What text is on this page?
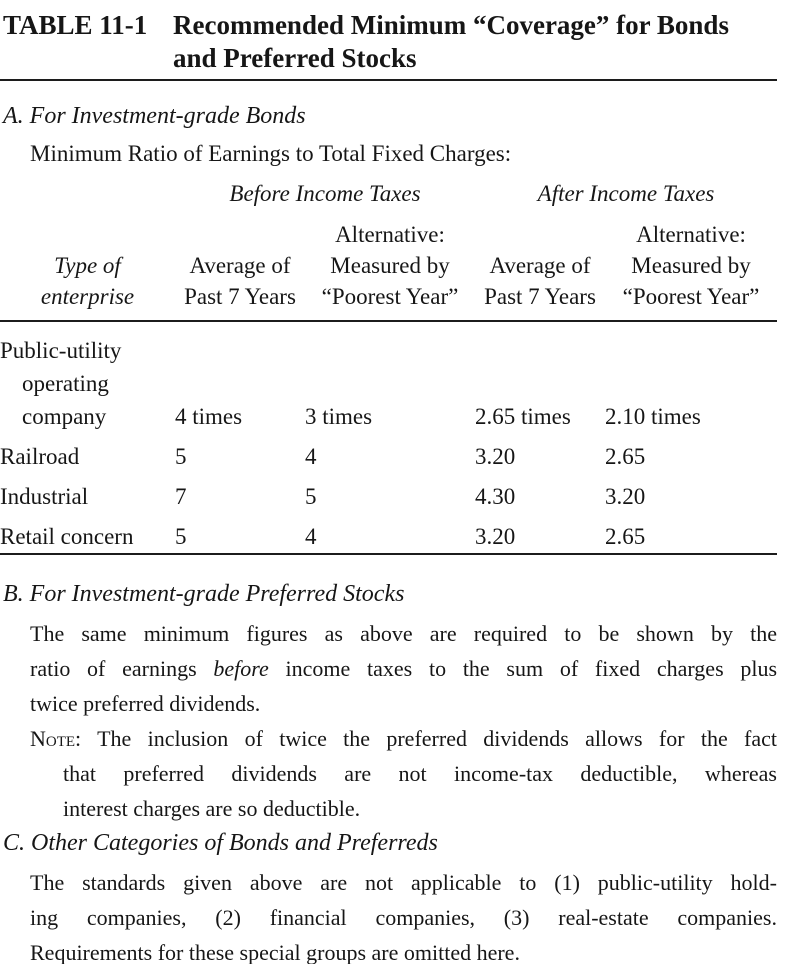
TABLE 11-1 Recommended Minimum “Coverage” for Bonds and Preferred Stocks
A. For Investment-grade Bonds
Minimum Ratio of Earnings to Total Fixed Charges:
	Before Income Taxes		After Income Taxes	

Type of
enterprise	Average of Past 7 Years	Alternative: Measured by “Poorest Year”	Average of Past 7 Years	Alternative: Measured by “Poorest Year”

Public-utility
operating
company	4 times	3 times	2.65 times	2.10 times
Railroad	5	4	3.20	2.65
Industrial	7	5	4.30	3.20
Retail concern	5	4	3.20	2.65
B. For Investment-grade Preferred Stocks
The same minimum figures as above are required to be shown by the
ratio of earnings before income taxes to the sum of fixed charges plus
twice preferred dividends.
Note: The inclusion of twice the preferred dividends allows for the fact
that preferred dividends are not income-tax deductible, whereas
interest charges are so deductible.
C. Other Categories of Bonds and Preferreds
The standards given above are not applicable to (1) public-utility hold-
ing companies, (2) financial companies, (3) real-estate companies.
Requirements for these special groups are omitted here.
